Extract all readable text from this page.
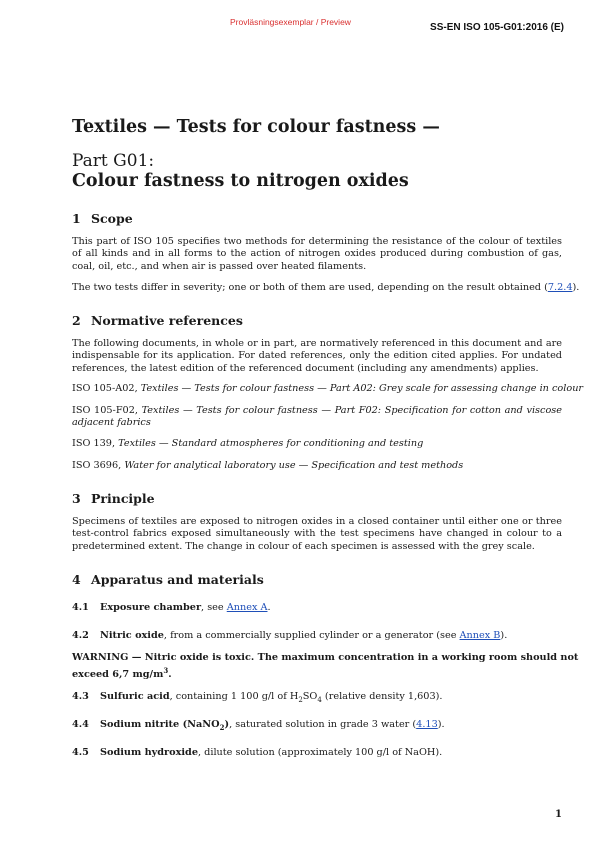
Provläsningsexemplar / Preview	SS-EN ISO 105-G01:2016 (E)
Textiles — Tests for colour fastness —
Part G01:
Colour fastness to nitrogen oxides
1 Scope
This part of ISO 105 specifies two methods for determining the resistance of the colour of textiles of all kinds and in all forms to the action of nitrogen oxides produced during combustion of gas, coal, oil, etc., and when air is passed over heated filaments.
The two tests differ in severity; one or both of them are used, depending on the result obtained (7.2.4).
2 Normative references
The following documents, in whole or in part, are normatively referenced in this document and are indispensable for its application. For dated references, only the edition cited applies. For undated references, the latest edition of the referenced document (including any amendments) applies.
ISO 105-A02, Textiles — Tests for colour fastness — Part A02: Grey scale for assessing change in colour
ISO 105-F02, Textiles — Tests for colour fastness — Part F02: Specification for cotton and viscose adjacent fabrics
ISO 139, Textiles — Standard atmospheres for conditioning and testing
ISO 3696, Water for analytical laboratory use — Specification and test methods
3 Principle
Specimens of textiles are exposed to nitrogen oxides in a closed container until either one or three test-control fabrics exposed simultaneously with the test specimens have changed in colour to a predetermined extent. The change in colour of each specimen is assessed with the grey scale.
4 Apparatus and materials
4.1 Exposure chamber, see Annex A.
4.2 Nitric oxide, from a commercially supplied cylinder or a generator (see Annex B).
WARNING — Nitric oxide is toxic. The maximum concentration in a working room should not
exceed 6,7 $mg/m^3$.
4.3 Sulfuric acid, containing 1 100 g/l of $H_2SO_4$ (relative density 1,603).
4.4 Sodium nitrite (NaNO$_2$), saturated solution in grade 3 water (4.13).
4.5 Sodium hydroxide, dilute solution (approximately 100 g/l of NaOH).
1
